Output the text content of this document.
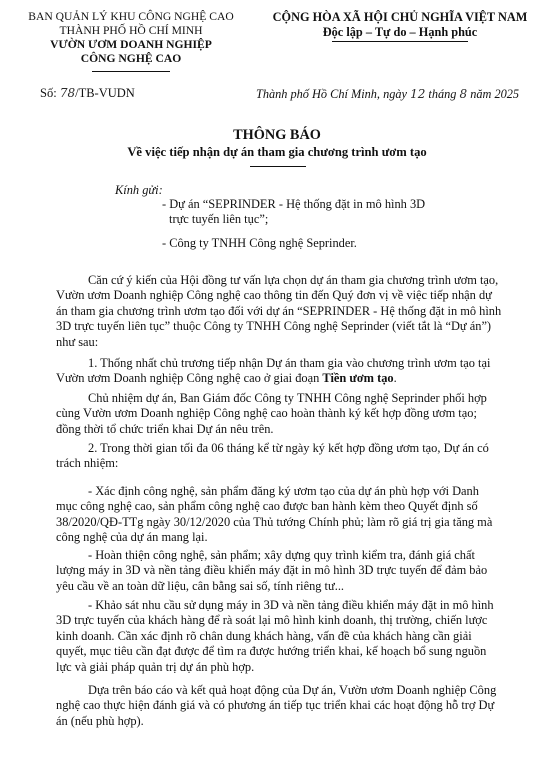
BAN QUẢN LÝ KHU CÔNG NGHỆ CAO
THÀNH PHỐ HỒ CHÍ MINH
VƯỜN ƯƠM DOANH NGHIỆP
CÔNG NGHỆ CAO
CỘNG HÒA XÃ HỘI CHỦ NGHĨA VIỆT NAM
Độc lập – Tự do – Hạnh phúc
Số: 78/TB-VUDN	Thành phố Hồ Chí Minh, ngày 12 tháng 8 năm 2025
THÔNG BÁO
Về việc tiếp nhận dự án tham gia chương trình ươm tạo
Kính gửi:
- Dự án “SEPRINDER - Hệ thống đặt in mô hình 3D
trực tuyến liên tục”;
- Công ty TNHH Công nghệ Seprinder.
Căn cứ ý kiến của Hội đồng tư vấn lựa chọn dự án tham gia chương trình ươm tạo,
Vườn ươm Doanh nghiệp Công nghệ cao thông tin đến Quý đơn vị về việc tiếp nhận dự
án tham gia chương trình ươm tạo đối với dự án “SEPRINDER - Hệ thống đặt in mô hình
3D trực tuyến liên tục” thuộc Công ty TNHH Công nghệ Seprinder (viết tắt là “Dự án”)
như sau:
1. Thống nhất chủ trương tiếp nhận Dự án tham gia vào chương trình ươm tạo tại
Vườn ươm Doanh nghiệp Công nghệ cao ở giai đoạn Tiền ươm tạo.
Chủ nhiệm dự án, Ban Giám đốc Công ty TNHH Công nghệ Seprinder phối hợp
cùng Vườn ươm Doanh nghiệp Công nghệ cao hoàn thành ký kết hợp đồng ươm tạo;
đồng thời tổ chức triển khai Dự án nêu trên.
2. Trong thời gian tối đa 06 tháng kể từ ngày ký kết hợp đồng ươm tạo, Dự án có
trách nhiệm:
- Xác định công nghệ, sản phẩm đăng ký ươm tạo của dự án phù hợp với Danh
mục công nghệ cao, sản phẩm công nghệ cao được ban hành kèm theo Quyết định số
38/2020/QĐ-TTg ngày 30/12/2020 của Thủ tướng Chính phủ; làm rõ giá trị gia tăng mà
công nghệ của dự án mang lại.
- Hoàn thiện công nghệ, sản phẩm; xây dựng quy trình kiểm tra, đánh giá chất
lượng máy in 3D và nền tảng điều khiển máy đặt in mô hình 3D trực tuyến để đảm bảo
yêu cầu về an toàn dữ liệu, cân bằng sai số, tính riêng tư...
- Khảo sát nhu cầu sử dụng máy in 3D và nền tảng điều khiển máy đặt in mô hình
3D trực tuyến của khách hàng để rà soát lại mô hình kinh doanh, thị trường, chiến lược
kinh doanh. Cần xác định rõ chân dung khách hàng, vấn đề của khách hàng cần giải
quyết, mục tiêu cần đạt được để tìm ra được hướng triển khai, kế hoạch bổ sung nguồn
lực và giải pháp quản trị dự án phù hợp.
Dựa trên báo cáo và kết quả hoạt động của Dự án, Vườn ươm Doanh nghiệp Công
nghệ cao thực hiện đánh giá và có phương án tiếp tục triển khai các hoạt động hỗ trợ Dự
án (nếu phù hợp).
